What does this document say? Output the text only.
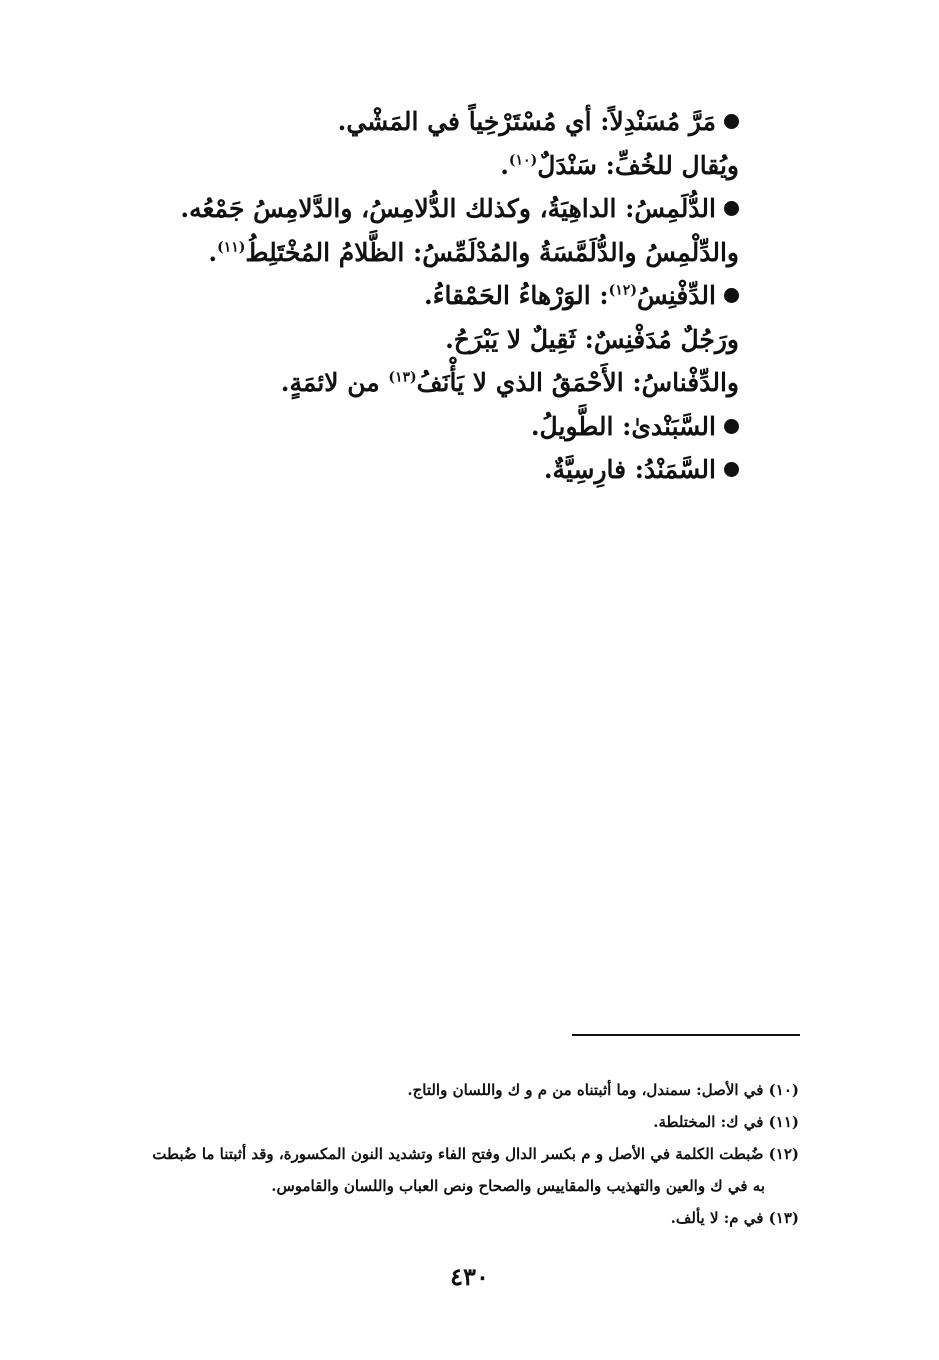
مَرَّ مُسَنْدِلاً: أي مُسْتَرْخِياً في المَشْي.
ويُقال للخُفِّ: سَنْدَلٌ$^{(١٠)}$.
الدُّلَمِسُ: الداهِيَةُ، وكذلك الدُّلامِسُ، والدَّلامِسُ جَمْعُه.
والدِّلْمِسُ والدُّلَمَّسَةُ والمُدْلَمِّسُ: الظَّلامُ المُخْتَلِطُ$^{(١١)}$.
الدِّفْنِسُ$^{(١٢)}$: الوَرْهاءُ الحَمْقاءُ.
ورَجُلٌ مُدَفْنِسٌ: ثَقِيلٌ لا يَبْرَحُ.
والدِّفْناسُ: الأَحْمَقُ الذي لا يَأْنَفُ$^{(١٣)}$ من لائمَةٍ.
السَّبَنْدىٰ: الطَّويلُ.
السَّمَنْدُ: فارِسِيَّةٌ.
(١٠) في الأصل: سمندل، وما أثبتناه من م و ك واللسان والتاج.
(١١) في ك: المختلطة.
(١٢) ضُبطت الكلمة في الأصل و م بكسر الدال وفتح الفاء وتشديد النون المكسورة، وقد أثبتنا ما ضُبطت
به في ك والعين والتهذيب والمقاييس والصحاح ونص العباب واللسان والقاموس.
(١٣) في م: لا يألف.
٤٣٠
